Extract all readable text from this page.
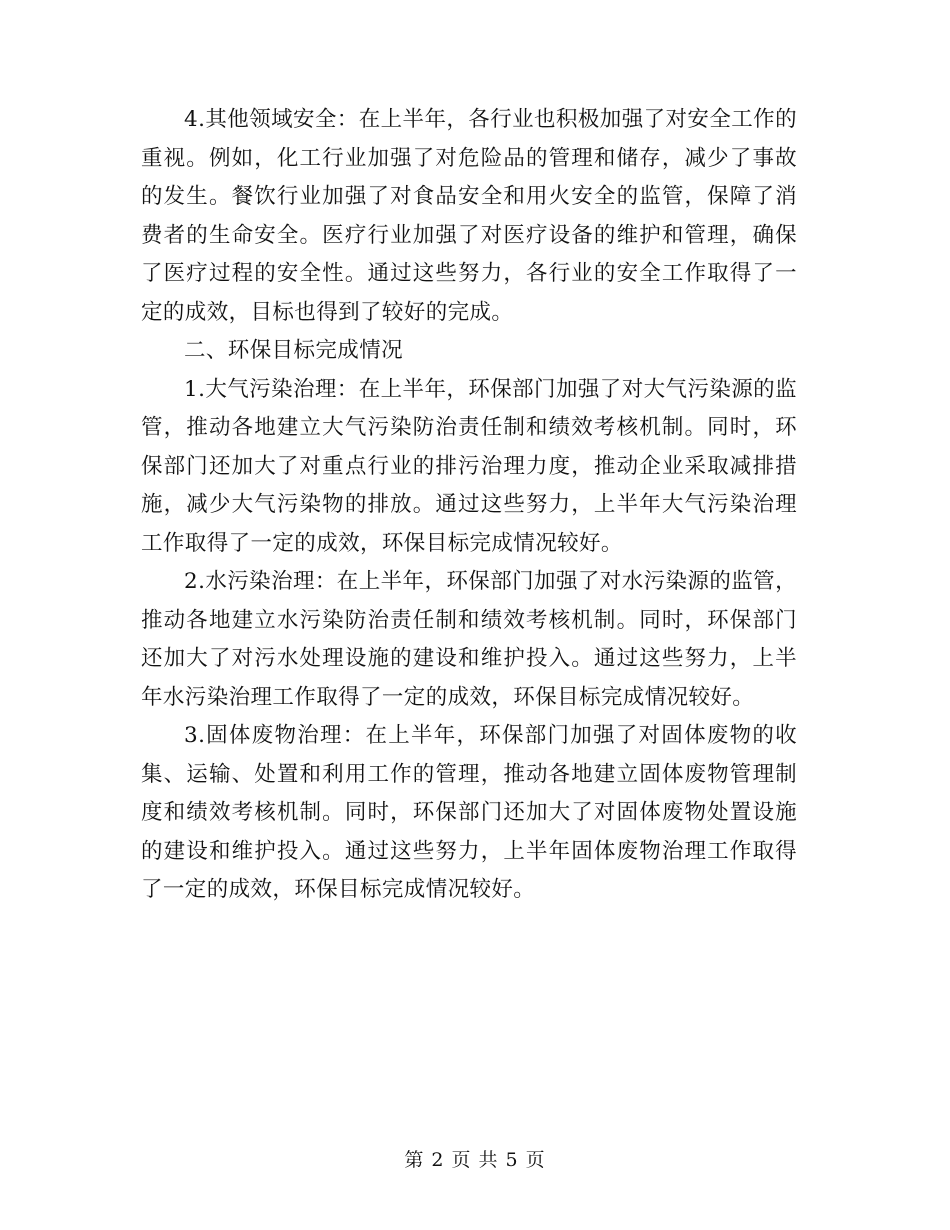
4.其他领域安全：在上半年，各行业也积极加强了对安全工作的重视。例如，化工行业加强了对危险品的管理和储存，减少了事故的发生。餐饮行业加强了对食品安全和用火安全的监管，保障了消费者的生命安全。医疗行业加强了对医疗设备的维护和管理，确保了医疗过程的安全性。通过这些努力，各行业的安全工作取得了一定的成效，目标也得到了较好的完成。

二、环保目标完成情况

1.大气污染治理：在上半年，环保部门加强了对大气污染源的监管，推动各地建立大气污染防治责任制和绩效考核机制。同时，环保部门还加大了对重点行业的排污治理力度，推动企业采取减排措施，减少大气污染物的排放。通过这些努力，上半年大气污染治理工作取得了一定的成效，环保目标完成情况较好。

2.水污染治理：在上半年，环保部门加强了对水污染源的监管，推动各地建立水污染防治责任制和绩效考核机制。同时，环保部门还加大了对污水处理设施的建设和维护投入。通过这些努力，上半年水污染治理工作取得了一定的成效，环保目标完成情况较好。

3.固体废物治理：在上半年，环保部门加强了对固体废物的收集、运输、处置和利用工作的管理，推动各地建立固体废物管理制度和绩效考核机制。同时，环保部门还加大了对固体废物处置设施的建设和维护投入。通过这些努力，上半年固体废物治理工作取得了一定的成效，环保目标完成情况较好。

第 2 页 共 5 页
